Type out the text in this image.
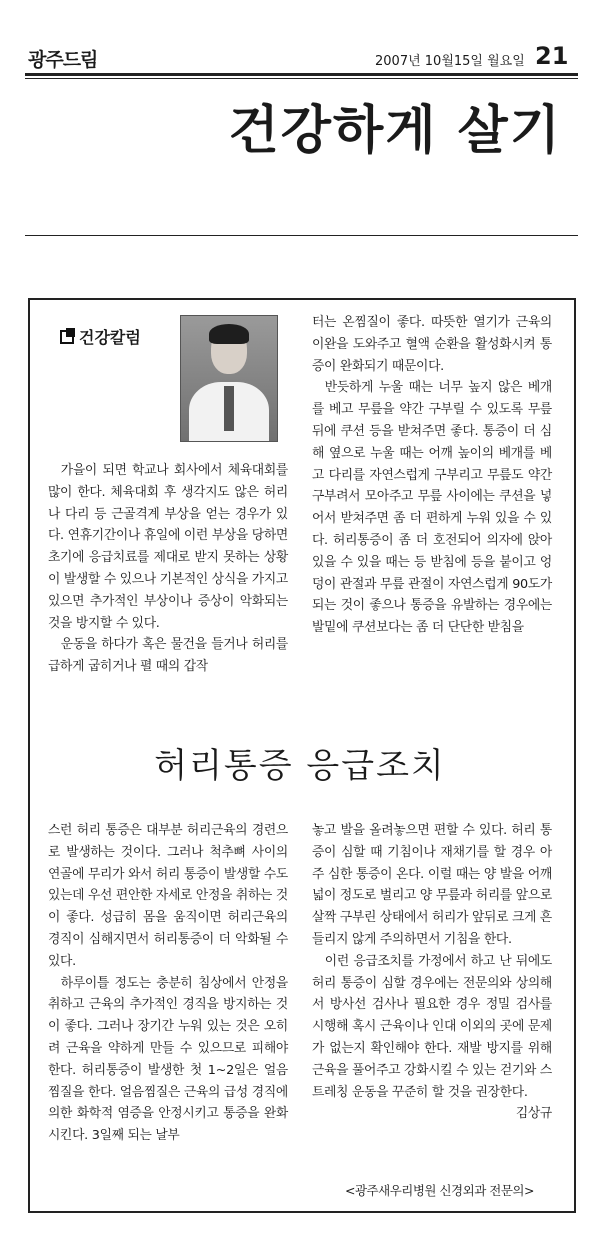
광주드림	2007년 10월15일 월요일 21
건강하게 살기
건강칼럼

가을이 되면 학교나 회사에서 체육대회를 많이 한다. 체육대회 후 생각지도 않은 허리나 다리 등 근골격계 부상을 얻는 경우가 있다. 연휴기간이나 휴일에 이런 부상을 당하면 초기에 응급치료를 제대로 받지 못하는 상황이 발생할 수 있으나 기본적인 상식을 가지고 있으면 추가적인 부상이나 증상이 악화되는 것을 방지할 수 있다.

운동을 하다가 혹은 물건을 들거나 허리를 급하게 굽히거나 펼 때의 갑작

터는 온찜질이 좋다. 따뜻한 열기가 근육의 이완을 도와주고 혈액 순환을 활성화시켜 통증이 완화되기 때문이다.

반듯하게 누울 때는 너무 높지 않은 베개를 베고 무릎을 약간 구부릴 수 있도록 무릎 뒤에 쿠션 등을 받쳐주면 좋다. 통증이 더 심해 옆으로 누울 때는 어깨 높이의 베개를 베고 다리를 자연스럽게 구부리고 무릎도 약간 구부려서 모아주고 무릎 사이에는 쿠션을 넣어서 받쳐주면 좀 더 편하게 누워 있을 수 있다. 허리통증이 좀 더 호전되어 의자에 앉아 있을 수 있을 때는 등 받침에 등을 붙이고 엉덩이 관절과 무릎 관절이 자연스럽게 90도가 되는 것이 좋으나 통증을 유발하는 경우에는 발밑에 쿠션보다는 좀 더 단단한 받침을

허리통증 응급조치

스런 허리 통증은 대부분 허리근육의 경련으로 발생하는 것이다. 그러나 척추뼈 사이의 연골에 무리가 와서 허리 통증이 발생할 수도 있는데 우선 편안한 자세로 안정을 취하는 것이 좋다. 성급히 몸을 움직이면 허리근육의 경직이 심해지면서 허리통증이 더 악화될 수 있다.

하루이틀 정도는 충분히 침상에서 안정을 취하고 근육의 추가적인 경직을 방지하는 것이 좋다. 그러나 장기간 누워 있는 것은 오히려 근육을 약하게 만들 수 있으므로 피해야 한다. 허리통증이 발생한 첫 1~2일은 얼음찜질을 한다. 얼음찜질은 근육의 급성 경직에 의한 화학적 염증을 안정시키고 통증을 완화시킨다. 3일째 되는 날부

놓고 발을 올려놓으면 편할 수 있다. 허리 통증이 심할 때 기침이나 재채기를 할 경우 아주 심한 통증이 온다. 이럴 때는 양 발을 어깨 넓이 정도로 벌리고 양 무릎과 허리를 앞으로 살짝 구부린 상태에서 허리가 앞뒤로 크게 흔들리지 않게 주의하면서 기침을 한다.

이런 응급조치를 가정에서 하고 난 뒤에도 허리 통증이 심할 경우에는 전문의와 상의해서 방사선 검사나 필요한 경우 정밀 검사를 시행해 혹시 근육이나 인대 이외의 곳에 문제가 없는지 확인해야 한다. 재발 방지를 위해 근육을 풀어주고 강화시킬 수 있는 걷기와 스트레칭 운동을 꾸준히 할 것을 권장한다.

김상규
<광주새우리병원 신경외과 전문의>
